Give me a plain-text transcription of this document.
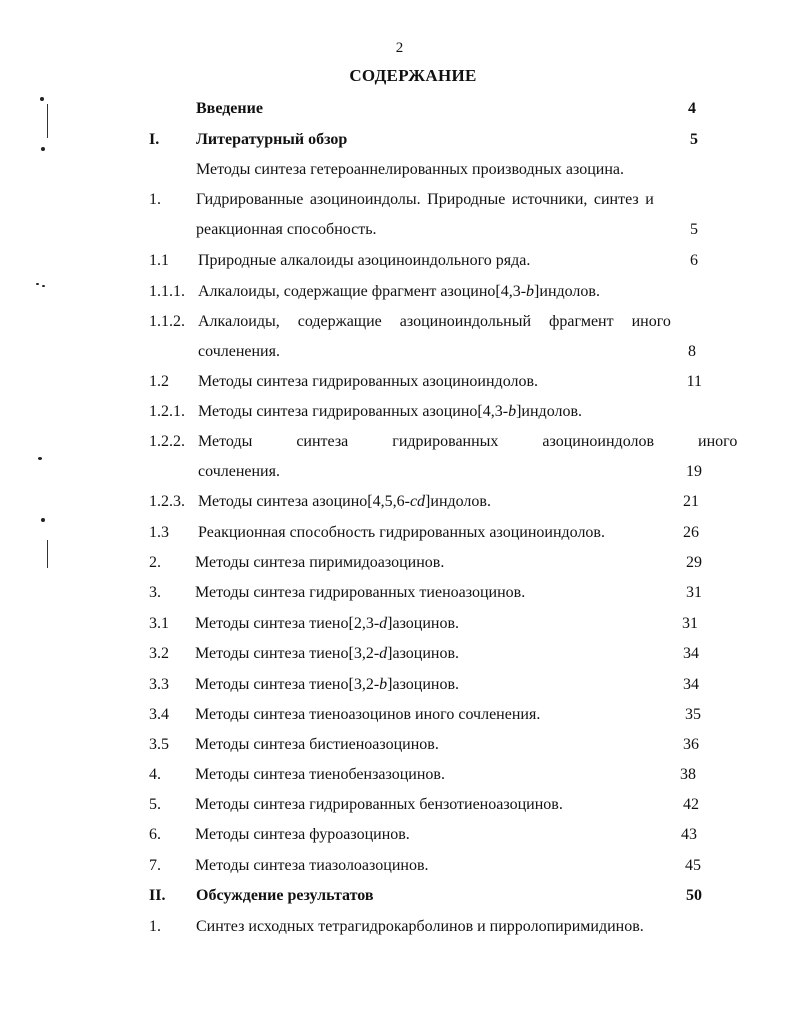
2
СОДЕРЖАНИЕ
Введение	4
I. Литературный обзор	5
Методы синтеза гетероаннелированных производных азоцина.
1. Гидрированные азоциноиндолы. Природные источники, синтез и
реакционная способность.	5
1.1 Природные алкалоиды азоциноиндольного ряда.	6
1.1.1. Алкалоиды, содержащие фрагмент азоцино[4,3-b]индолов.
1.1.2. Алкалоиды, содержащие азоциноиндольный фрагмент иного
сочленения.	8
1.2 Методы синтеза гидрированных азоциноиндолов.	11
1.2.1. Методы синтеза гидрированных азоцино[4,3-b]индолов.
1.2.2. Методы синтеза гидрированных азоциноиндолов иного
сочленения.	19
1.2.3. Методы синтеза азоцино[4,5,6-cd]индолов.	21
1.3 Реакционная способность гидрированных азоциноиндолов.	26
2. Методы синтеза пиримидоазоцинов.	29
3. Методы синтеза гидрированных тиеноазоцинов.	31
3.1 Методы синтеза тиено[2,3-d]азоцинов.	31
3.2 Методы синтеза тиено[3,2-d]азоцинов.	34
3.3 Методы синтеза тиено[3,2-b]азоцинов.	34
3.4 Методы синтеза тиеноазоцинов иного сочленения.	35
3.5 Методы синтеза бистиеноазоцинов.	36
4. Методы синтеза тиенобензазоцинов.	38
5. Методы синтеза гидрированных бензотиеноазоцинов.	42
6. Методы синтеза фуроазоцинов.	43
7. Методы синтеза тиазолоазоцинов.	45
II. Обсуждение результатов	50
1. Синтез исходных тетрагидрокарболинов и пирролопиримидинов.
